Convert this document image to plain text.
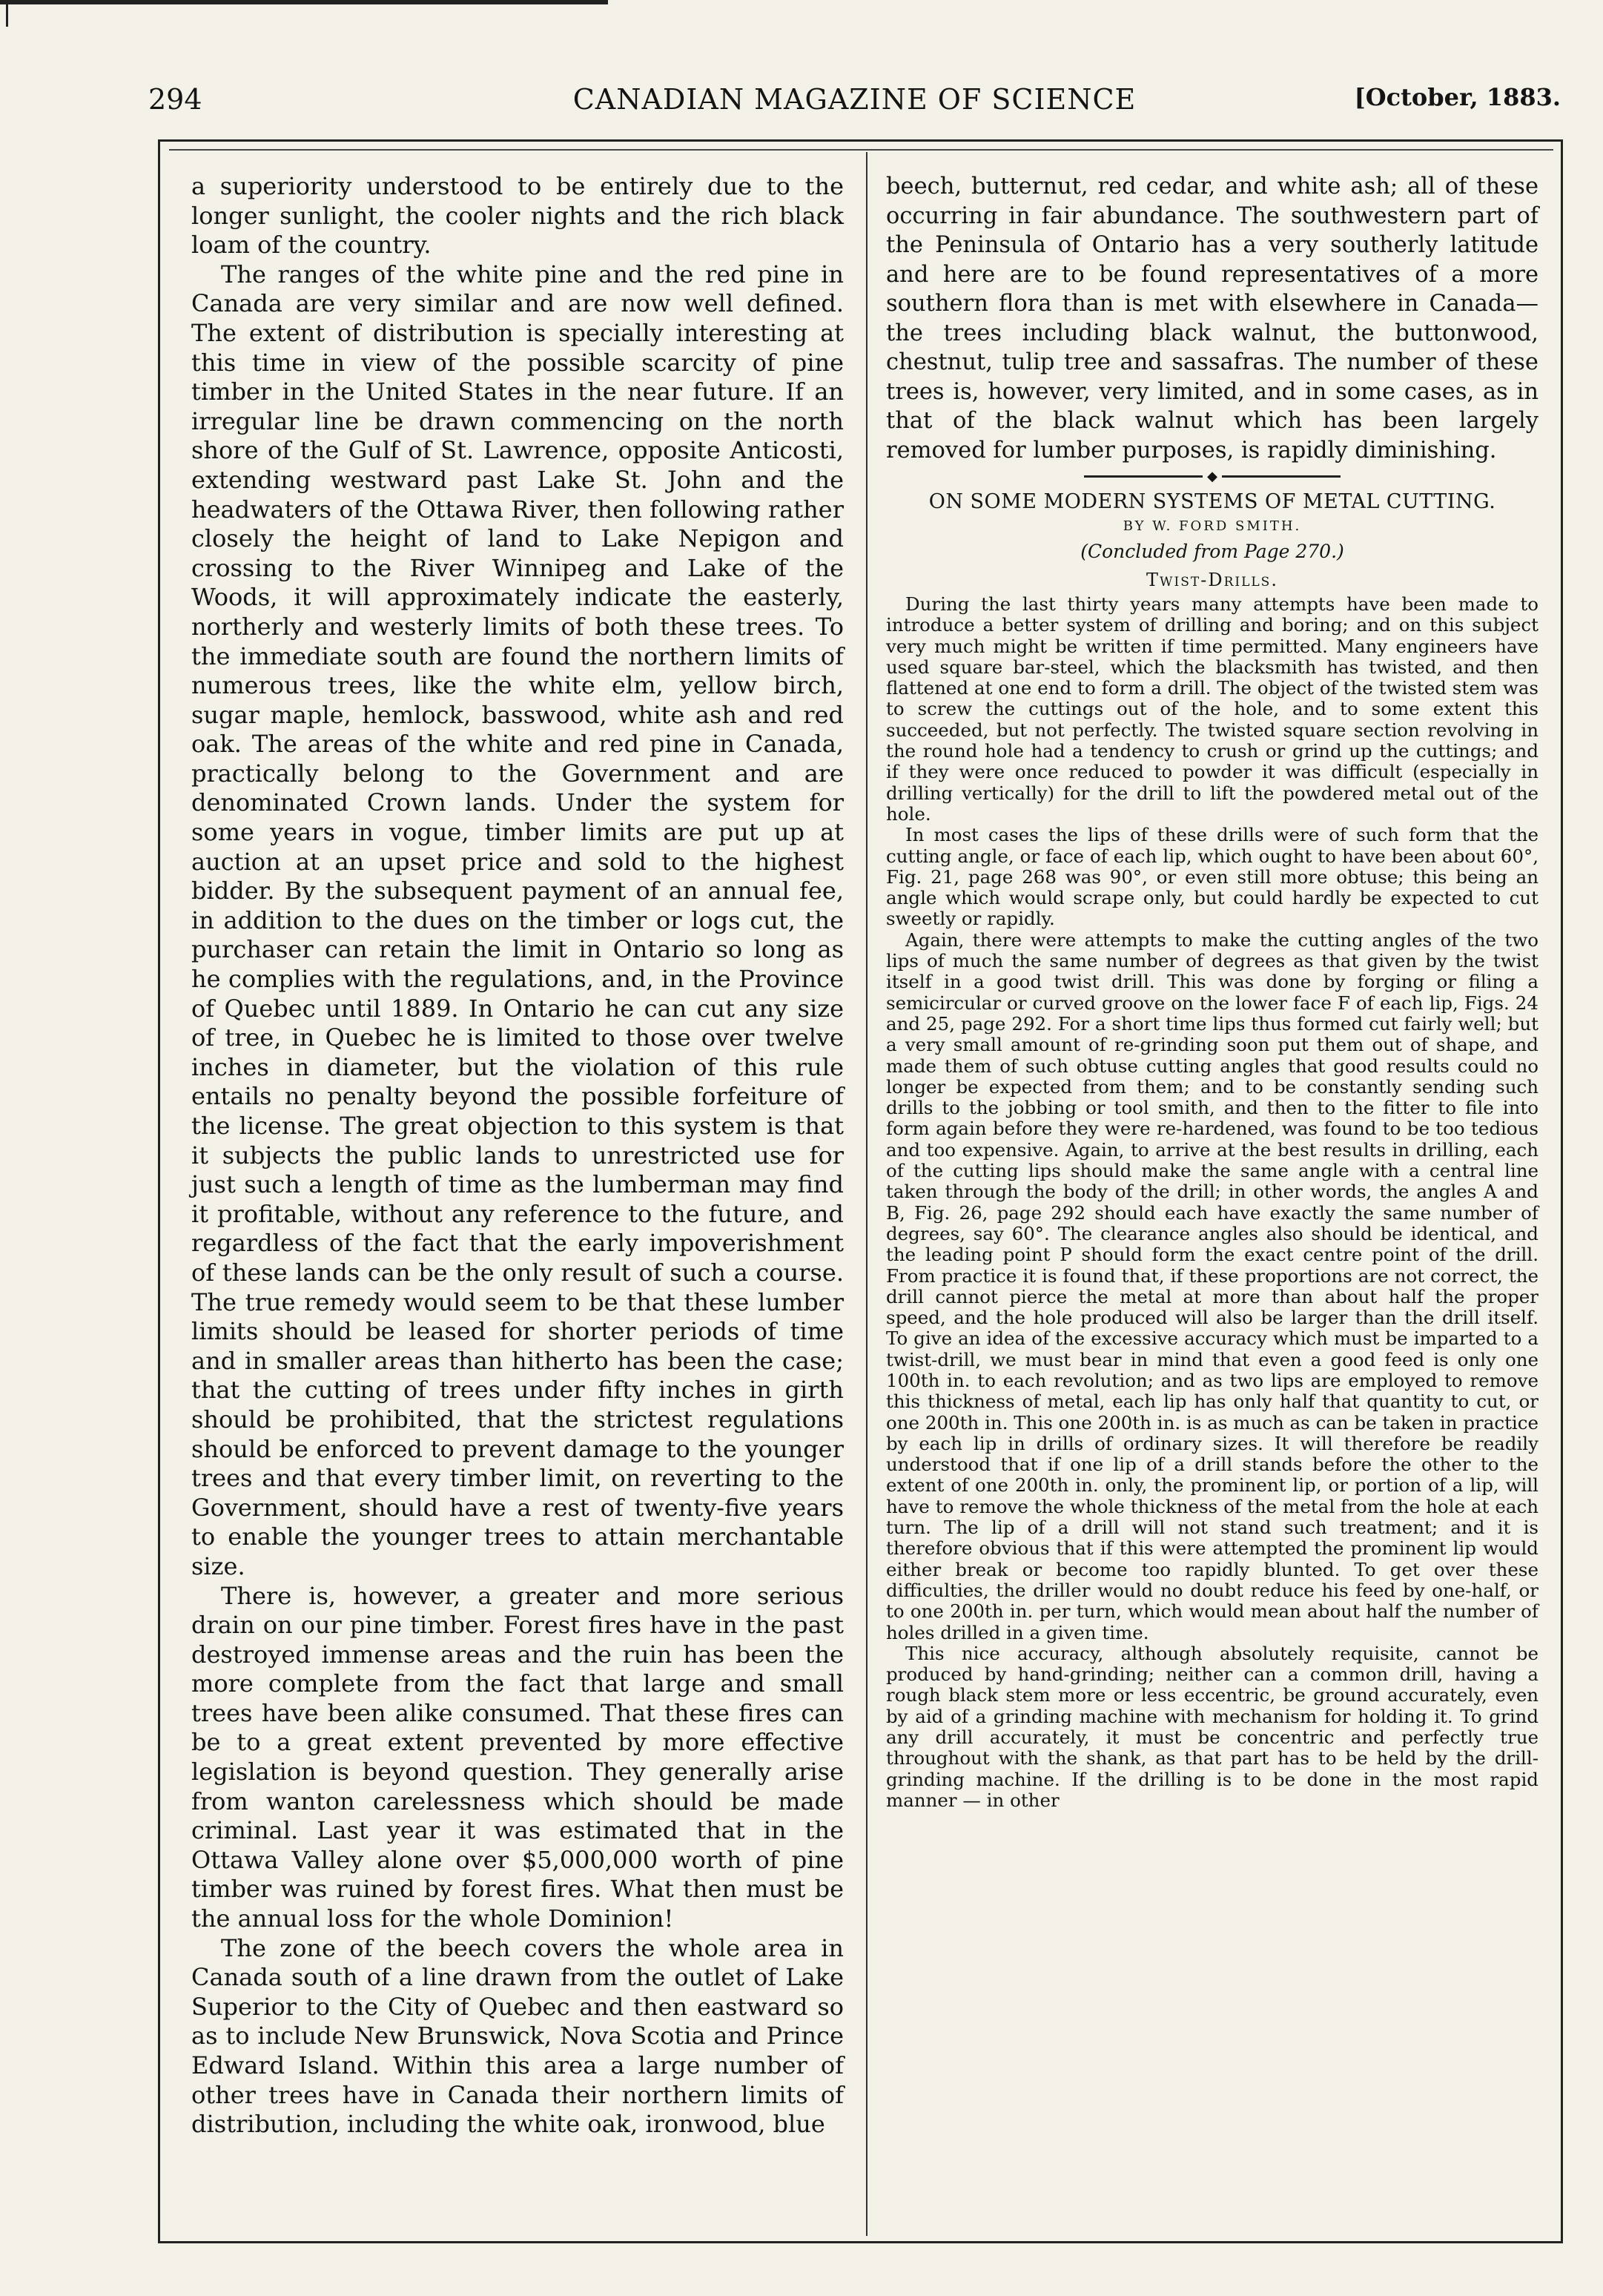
294	CANADIAN MAGAZINE OF SCIENCE	[October, 1883.

a superiority understood to be entirely due to the longer sunlight, the cooler nights and the rich black loam of the country.

The ranges of the white pine and the red pine in Canada are very similar and are now well defined. The extent of distribution is specially interesting at this time in view of the possible scarcity of pine timber in the United States in the near future. If an irregular line be drawn commencing on the north shore of the Gulf of St. Lawrence, opposite Anticosti, extending westward past Lake St. John and the headwaters of the Ottawa River, then following rather closely the height of land to Lake Nepigon and crossing to the River Winnipeg and Lake of the Woods, it will approximately indicate the easterly, northerly and westerly limits of both these trees. To the immediate south are found the northern limits of numerous trees, like the white elm, yellow birch, sugar maple, hemlock, basswood, white ash and red oak. The areas of the white and red pine in Canada, practically belong to the Government and are denominated Crown lands. Under the system for some years in vogue, timber limits are put up at auction at an upset price and sold to the highest bidder. By the subsequent payment of an annual fee, in addition to the dues on the timber or logs cut, the purchaser can retain the limit in Ontario so long as he complies with the regulations, and, in the Province of Quebec until 1889. In Ontario he can cut any size of tree, in Quebec he is limited to those over twelve inches in diameter, but the violation of this rule entails no penalty beyond the possible forfeiture of the license. The great objection to this system is that it subjects the public lands to unrestricted use for just such a length of time as the lumberman may find it profitable, without any reference to the future, and regardless of the fact that the early impoverishment of these lands can be the only result of such a course. The true remedy would seem to be that these lumber limits should be leased for shorter periods of time and in smaller areas than hitherto has been the case; that the cutting of trees under fifty inches in girth should be prohibited, that the strictest regulations should be enforced to prevent damage to the younger trees and that every timber limit, on reverting to the Government, should have a rest of twenty-five years to enable the younger trees to attain merchantable size.

There is, however, a greater and more serious drain on our pine timber. Forest fires have in the past destroyed immense areas and the ruin has been the more complete from the fact that large and small trees have been alike consumed. That these fires can be to a great extent prevented by more effective legislation is beyond question. They generally arise from wanton carelessness which should be made criminal. Last year it was estimated that in the Ottawa Valley alone over $5,000,000 worth of pine timber was ruined by forest fires. What then must be the annual loss for the whole Dominion!

The zone of the beech covers the whole area in Canada south of a line drawn from the outlet of Lake Superior to the City of Quebec and then eastward so as to include New Brunswick, Nova Scotia and Prince Edward Island. Within this area a large number of other trees have in Canada their northern limits of distribution, including the white oak, ironwood, blue

beech, butternut, red cedar, and white ash; all of these occurring in fair abundance. The southwestern part of the Peninsula of Ontario has a very southerly latitude and here are to be found representatives of a more southern flora than is met with elsewhere in Canada—the trees including black walnut, the buttonwood, chestnut, tulip tree and sassafras. The number of these trees is, however, very limited, and in some cases, as in that of the black walnut which has been largely removed for lumber purposes, is rapidly diminishing.

◆

ON SOME MODERN SYSTEMS OF METAL CUTTING.

BY W. FORD SMITH.

(Concluded from Page 270.)

Twist-Drills.

During the last thirty years many attempts have been made to introduce a better system of drilling and boring; and on this subject very much might be written if time permitted. Many engineers have used square bar-steel, which the blacksmith has twisted, and then flattened at one end to form a drill. The object of the twisted stem was to screw the cuttings out of the hole, and to some extent this succeeded, but not perfectly. The twisted square section revolving in the round hole had a tendency to crush or grind up the cuttings; and if they were once reduced to powder it was difficult (especially in drilling vertically) for the drill to lift the powdered metal out of the hole.

In most cases the lips of these drills were of such form that the cutting angle, or face of each lip, which ought to have been about 60°, Fig. 21, page 268 was 90°, or even still more obtuse; this being an angle which would scrape only, but could hardly be expected to cut sweetly or rapidly.

Again, there were attempts to make the cutting angles of the two lips of much the same number of degrees as that given by the twist itself in a good twist drill. This was done by forging or filing a semicircular or curved groove on the lower face F of each lip, Figs. 24 and 25, page 292. For a short time lips thus formed cut fairly well; but a very small amount of re-grinding soon put them out of shape, and made them of such obtuse cutting angles that good results could no longer be expected from them; and to be constantly sending such drills to the jobbing or tool smith, and then to the fitter to file into form again before they were re-hardened, was found to be too tedious and too expensive. Again, to arrive at the best results in drilling, each of the cutting lips should make the same angle with a central line taken through the body of the drill; in other words, the angles A and B, Fig. 26, page 292 should each have exactly the same number of degrees, say 60°. The clearance angles also should be identical, and the leading point P should form the exact centre point of the drill. From practice it is found that, if these proportions are not correct, the drill cannot pierce the metal at more than about half the proper speed, and the hole produced will also be larger than the drill itself. To give an idea of the excessive accuracy which must be imparted to a twist-drill, we must bear in mind that even a good feed is only one 100th in. to each revolution; and as two lips are employed to remove this thickness of metal, each lip has only half that quantity to cut, or one 200th in. This one 200th in. is as much as can be taken in practice by each lip in drills of ordinary sizes. It will therefore be readily understood that if one lip of a drill stands before the other to the extent of one 200th in. only, the prominent lip, or portion of a lip, will have to remove the whole thickness of the metal from the hole at each turn. The lip of a drill will not stand such treatment; and it is therefore obvious that if this were attempted the prominent lip would either break or become too rapidly blunted. To get over these difficulties, the driller would no doubt reduce his feed by one-half, or to one 200th in. per turn, which would mean about half the number of holes drilled in a given time.

This nice accuracy, although absolutely requisite, cannot be produced by hand-grinding; neither can a common drill, having a rough black stem more or less eccentric, be ground accurately, even by aid of a grinding machine with mechanism for holding it. To grind any drill accurately, it must be concentric and perfectly true throughout with the shank, as that part has to be held by the drill-grinding machine. If the drilling is to be done in the most rapid manner — in other
